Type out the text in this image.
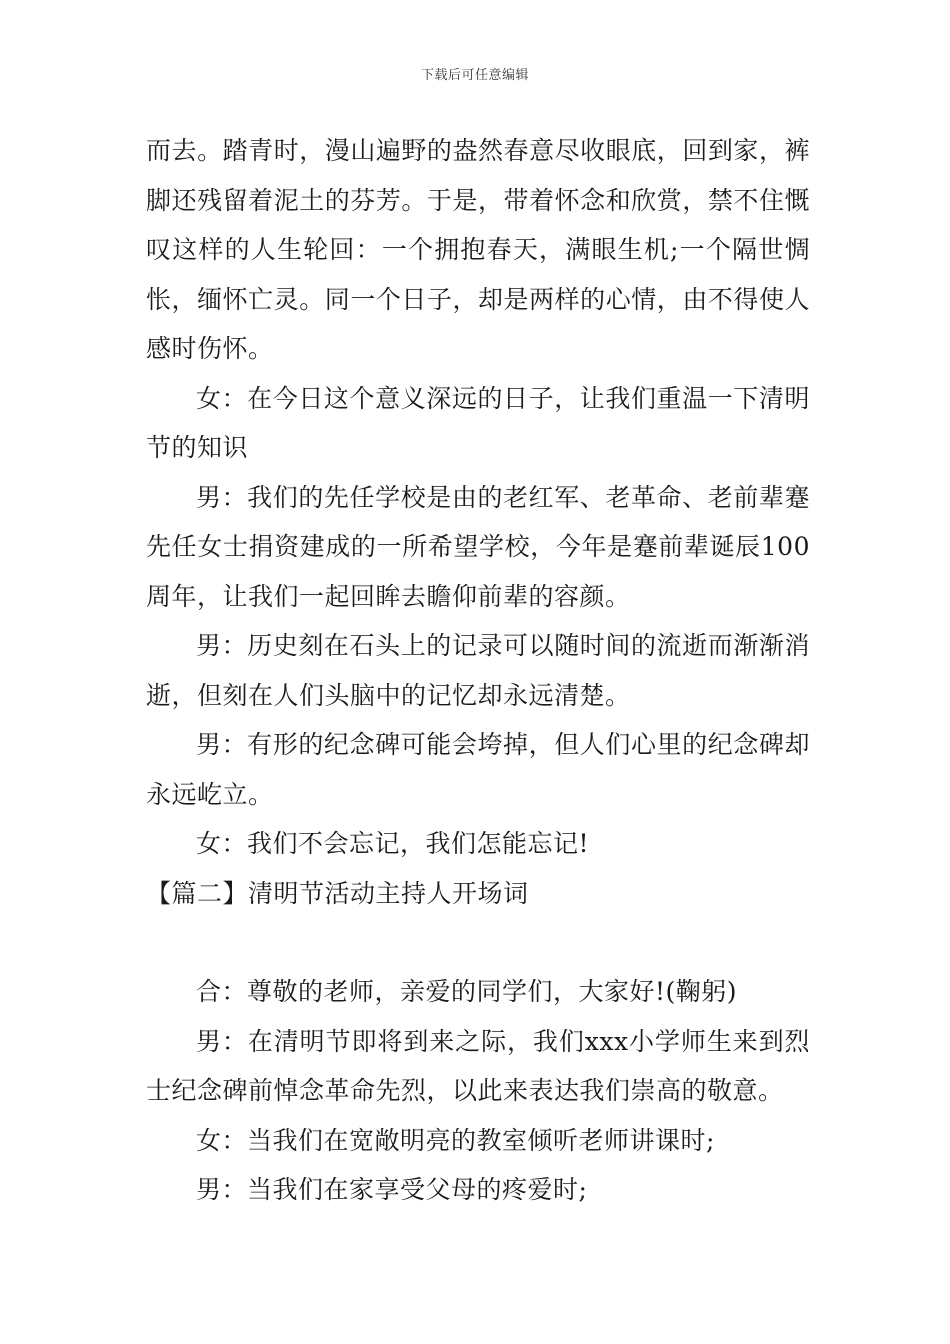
下载后可任意编辑

而去。踏青时，漫山遍野的盎然春意尽收眼底，回到家，裤脚还残留着泥土的芬芳。于是，带着怀念和欣赏，禁不住慨叹这样的人生轮回：一个拥抱春天，满眼生机;一个隔世惆怅，缅怀亡灵。同一个日子，却是两样的心情，由不得使人感时伤怀。

女：在今日这个意义深远的日子，让我们重温一下清明节的知识

男：我们的先任学校是由的老红军、老革命、老前辈蹇先任女士捐资建成的一所希望学校，今年是蹇前辈诞辰100周年，让我们一起回眸去瞻仰前辈的容颜。

男：历史刻在石头上的记录可以随时间的流逝而渐渐消逝，但刻在人们头脑中的记忆却永远清楚。

男：有形的纪念碑可能会垮掉，但人们心里的纪念碑却永远屹立。

女：我们不会忘记，我们怎能忘记!

【篇二】清明节活动主持人开场词

合：尊敬的老师，亲爱的同学们，大家好!(鞠躬)

男：在清明节即将到来之际，我们xxx小学师生来到烈士纪念碑前悼念革命先烈，以此来表达我们崇高的敬意。

女：当我们在宽敞明亮的教室倾听老师讲课时;

男：当我们在家享受父母的疼爱时;
